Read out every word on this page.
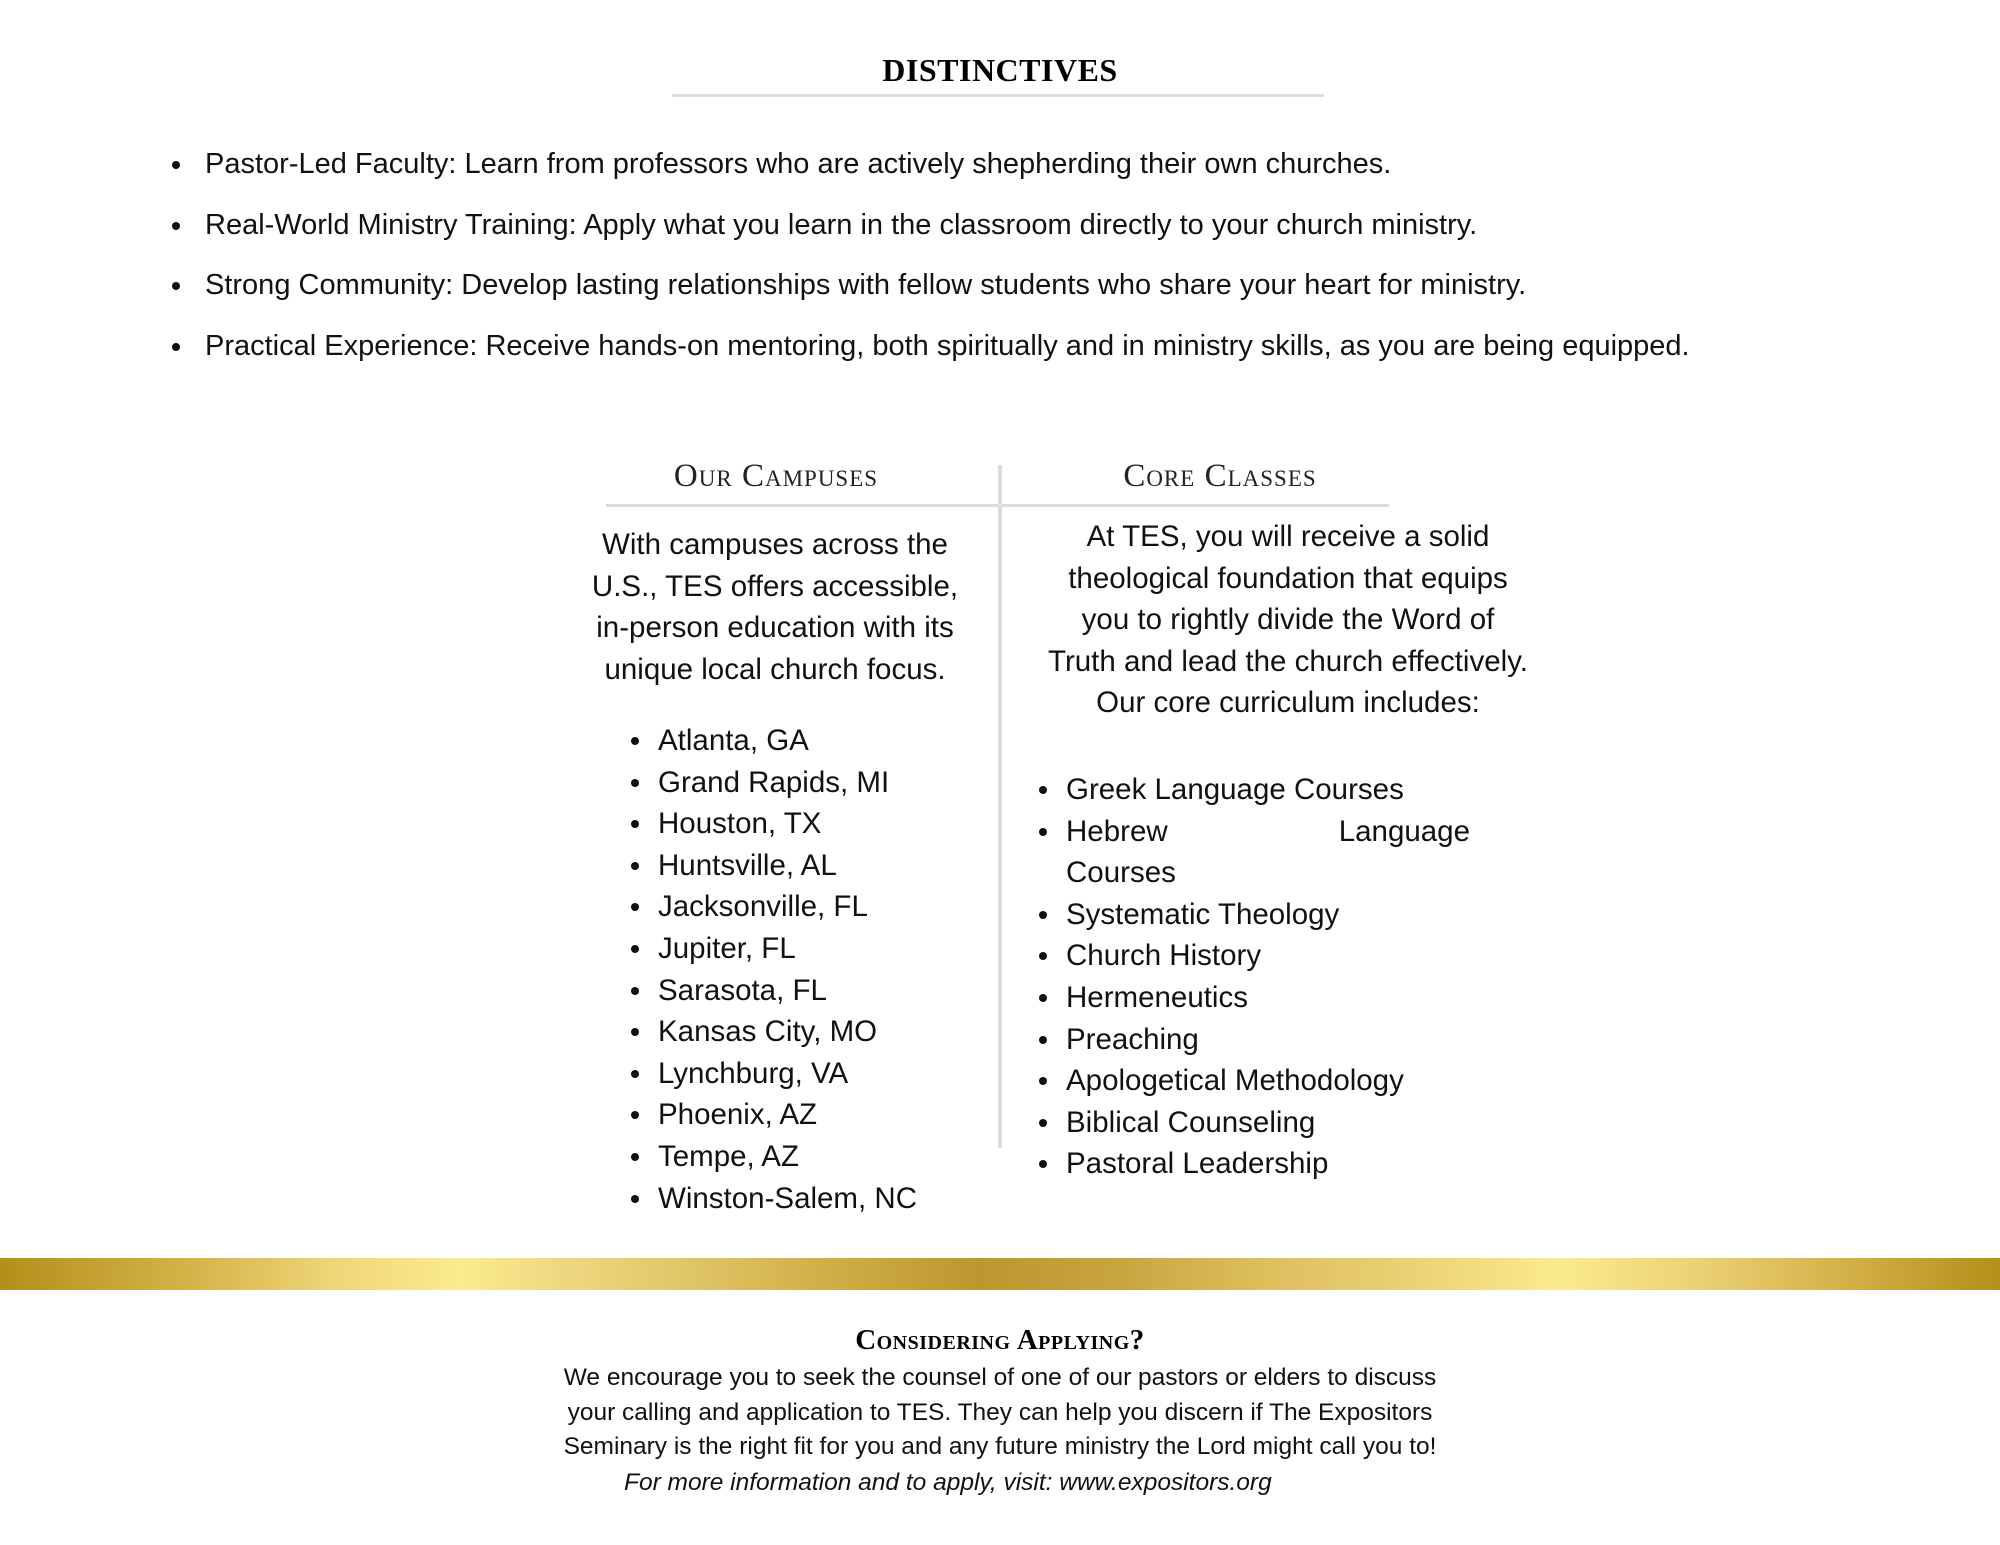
DISTINCTIVES
Pastor-Led Faculty: Learn from professors who are actively shepherding their own churches.
Real-World Ministry Training: Apply what you learn in the classroom directly to your church ministry.
Strong Community: Develop lasting relationships with fellow students who share your heart for ministry.
Practical Experience: Receive hands-on mentoring, both spiritually and in ministry skills, as you are being equipped.
Our Campuses	Core Classes
With campuses across the
U.S., TES offers accessible,
in-person education with its
unique local church focus.
Atlanta, GA
Grand Rapids, MI
Houston, TX
Huntsville, AL
Jacksonville, FL
Jupiter, FL
Sarasota, FL
Kansas City, MO
Lynchburg, VA
Phoenix, AZ
Tempe, AZ
Winston-Salem, NC
At TES, you will receive a solid
theological foundation that equips
you to rightly divide the Word of
Truth and lead the church effectively.
Our core curriculum includes:
Greek Language Courses
Hebrew	Language
Courses
Systematic Theology
Church History
Hermeneutics
Preaching
Apologetical Methodology
Biblical Counseling
Pastoral Leadership
Considering Applying?
We encourage you to seek the counsel of one of our pastors or elders to discuss
your calling and application to TES. They can help you discern if The Expositors
Seminary is the right fit for you and any future ministry the Lord might call you to!
For more information and to apply, visit: www.expositors.org
